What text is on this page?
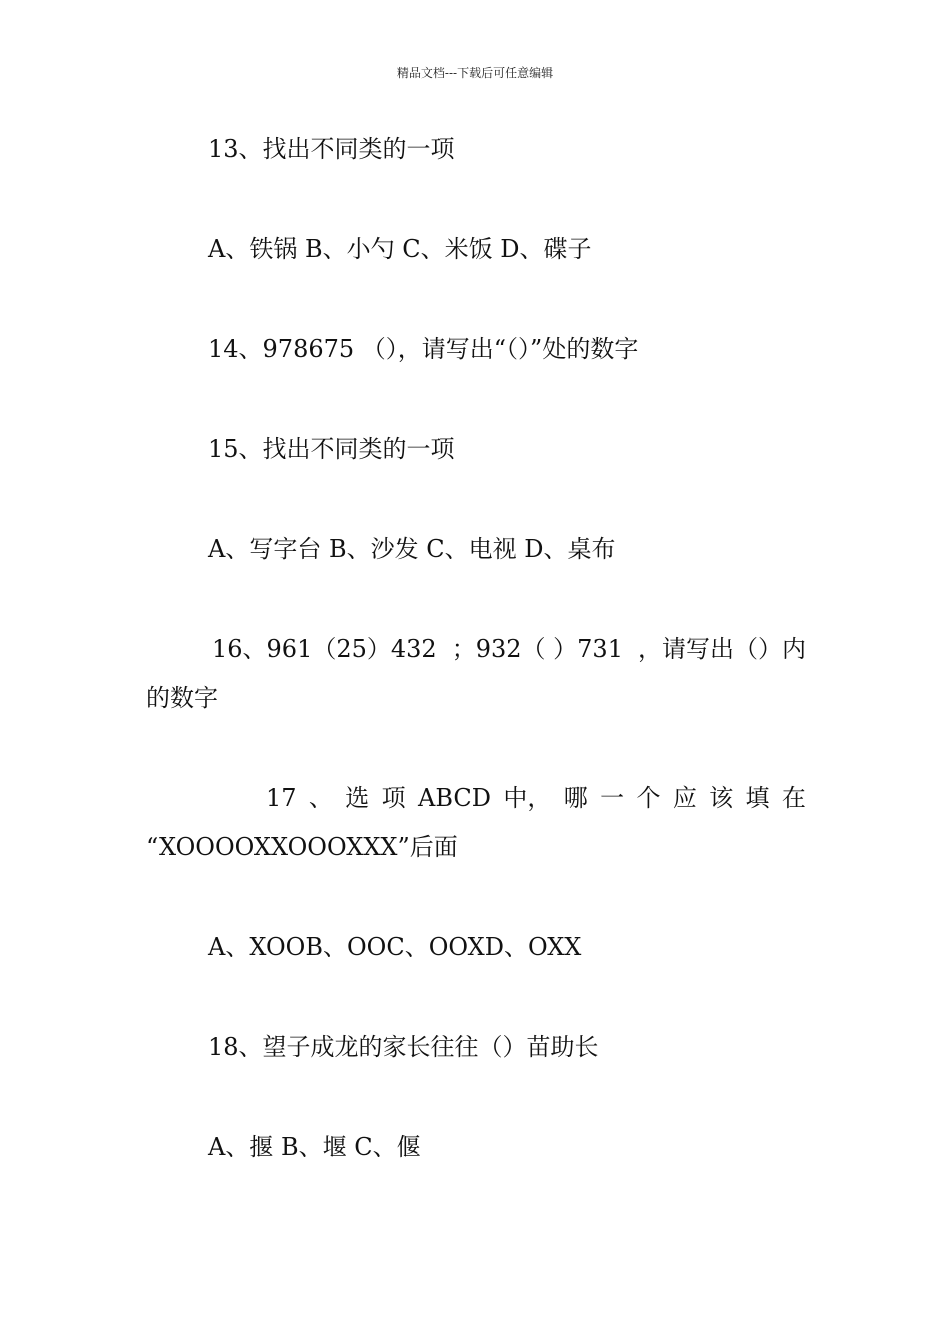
精品文档---下载后可任意编辑
13、找出不同类的一项
A、铁锅 B、小勺 C、米饭 D、碟子
14、978675 （），请写出“（）”处的数字
15、找出不同类的一项
A、写字台 B、沙发 C、电视 D、桌布
16、961（25）432 ；932（ ）731 ，请写出（）内
的数字
17 、 选 项 ABCD 中， 哪 一 个 应 该 填 在
“XOOOOXXOOOXXX”后面
A、XOOB、OOC、OOXD、OXX
18、望子成龙的家长往往（）苗助长
A、揠 B、堰 C、偃
